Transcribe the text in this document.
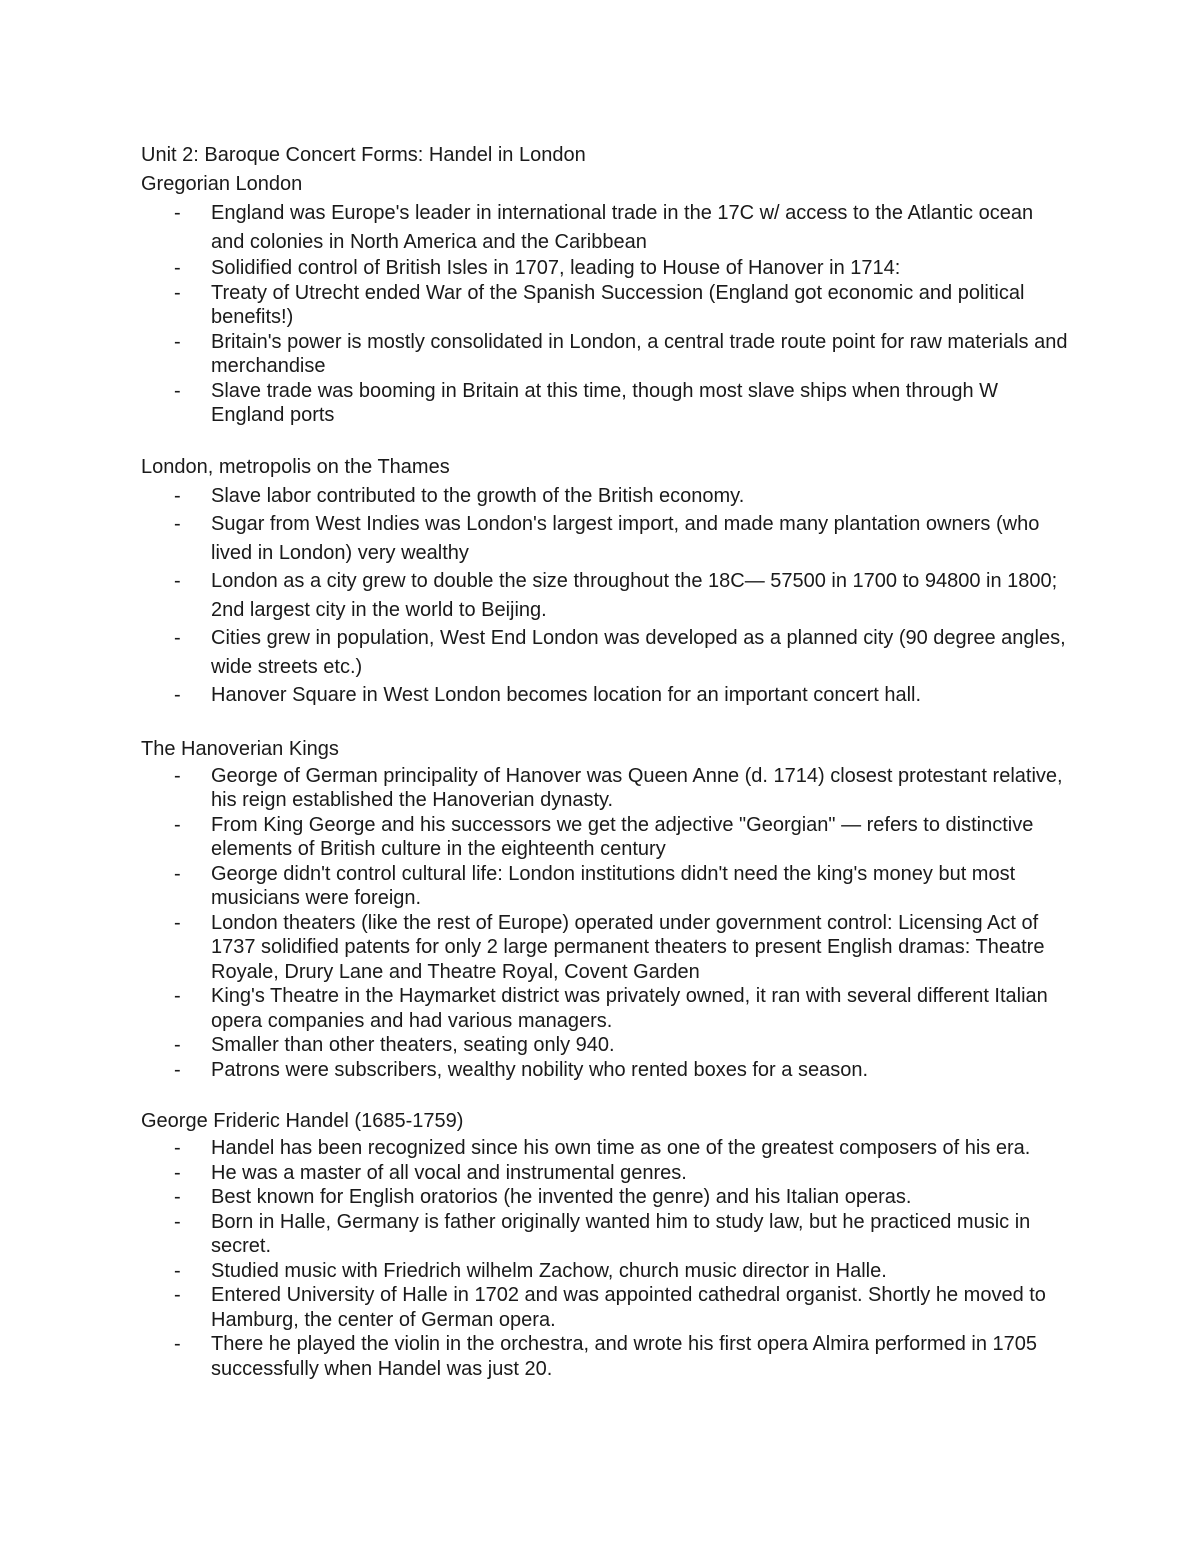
Unit 2: Baroque Concert Forms: Handel in London
Gregorian London
- England was Europe's leader in international trade in the 17C w/ access to the Atlantic ocean and colonies in North America and the Caribbean
- Solidified control of British Isles in 1707, leading to House of Hanover in 1714:
- Treaty of Utrecht ended War of the Spanish Succession (England got economic and political benefits!)
- Britain's power is mostly consolidated in London, a central trade route point for raw materials and merchandise
- Slave trade was booming in Britain at this time, though most slave ships when through W England ports
London, metropolis on the Thames
- Slave labor contributed to the growth of the British economy.
- Sugar from West Indies was London's largest import, and made many plantation owners (who lived in London) very wealthy
- London as a city grew to double the size throughout the 18C— 57500 in 1700 to 94800 in 1800; 2nd largest city in the world to Beijing.
- Cities grew in population, West End London was developed as a planned city (90 degree angles, wide streets etc.)
- Hanover Square in West London becomes location for an important concert hall.
The Hanoverian Kings
- George of German principality of Hanover was Queen Anne (d. 1714) closest protestant relative, his reign established the Hanoverian dynasty.
- From King George and his successors we get the adjective "Georgian" — refers to distinctive elements of British culture in the eighteenth century
- George didn't control cultural life: London institutions didn't need the king's money but most musicians were foreign.
- London theaters (like the rest of Europe) operated under government control: Licensing Act of 1737 solidified patents for only 2 large permanent theaters to present English dramas: Theatre Royale, Drury Lane and Theatre Royal, Covent Garden
- King's Theatre in the Haymarket district was privately owned, it ran with several different Italian opera companies and had various managers.
- Smaller than other theaters, seating only 940.
- Patrons were subscribers, wealthy nobility who rented boxes for a season.
George Frideric Handel (1685-1759)
- Handel has been recognized since his own time as one of the greatest composers of his era.
- He was a master of all vocal and instrumental genres.
- Best known for English oratorios (he invented the genre) and his Italian operas.
- Born in Halle, Germany is father originally wanted him to study law, but he practiced music in secret.
- Studied music with Friedrich wilhelm Zachow, church music director in Halle.
- Entered University of Halle in 1702 and was appointed cathedral organist. Shortly he moved to Hamburg, the center of German opera.
- There he played the violin in the orchestra, and wrote his first opera Almira performed in 1705 successfully when Handel was just 20.
